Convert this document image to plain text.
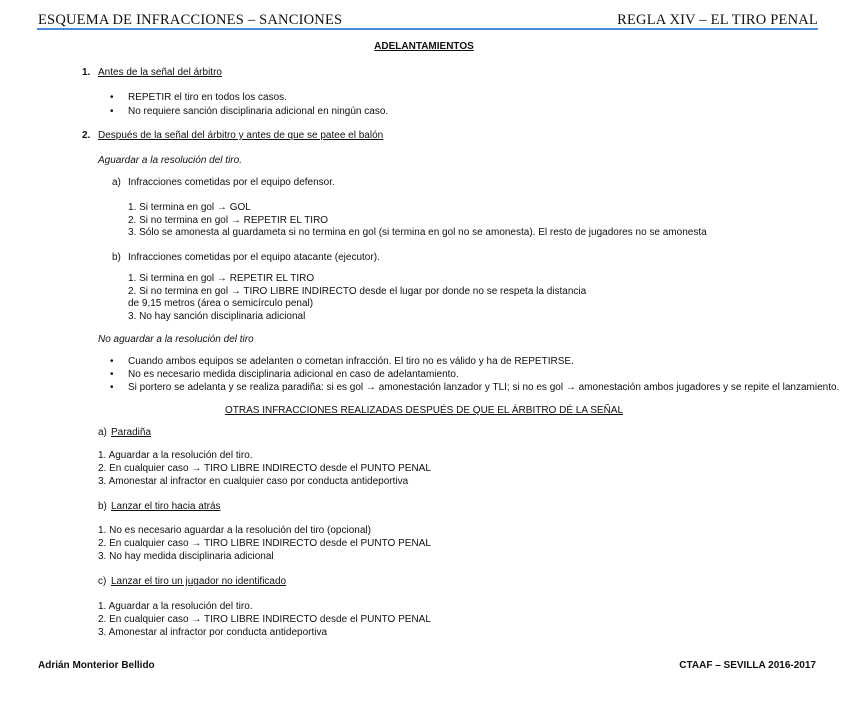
ESQUEMA DE INFRACCIONES – SANCIONES	REGLA XIV – EL TIRO PENAL
ADELANTAMIENTOS
1. Antes de la señal del árbitro
• REPETIR el tiro en todos los casos.
• No requiere sanción disciplinaria adicional en ningún caso.
2. Después de la señal del árbitro y antes de que se patee el balón
Aguardar a la resolución del tiro.
a) Infracciones cometidas por el equipo defensor.
1. Si termina en gol → GOL
2. Si no termina en gol → REPETIR EL TIRO
3. Sólo se amonesta al guardameta si no termina en gol (si termina en gol no se amonesta). El resto de jugadores no se amonesta
b) Infracciones cometidas por el equipo atacante (ejecutor).
1. Si termina en gol → REPETIR EL TIRO
2. Si no termina en gol → TIRO LIBRE INDIRECTO desde el lugar por donde no se respeta la distancia
de 9,15 metros (área o semicírculo penal)
3. No hay sanción disciplinaria adicional
No aguardar a la resolución del tiro
• Cuando ambos equipos se adelanten o cometan infracción. El tiro no es válido y ha de REPETIRSE.
• No es necesario medida disciplinaria adicional en caso de adelantamiento.
• Si portero se adelanta y se realiza paradiña: si es gol → amonestación lanzador y TLI; si no es gol → amonestación ambos jugadores y se repite el lanzamiento.
OTRAS INFRACCIONES REALIZADAS DESPUÉS DE QUE EL ÁRBITRO DÉ LA SEÑAL
a) Paradiña
1. Aguardar a la resolución del tiro.
2. En cualquier caso → TIRO LIBRE INDIRECTO desde el PUNTO PENAL
3. Amonestar al infractor en cualquier caso por conducta antideportiva
b) Lanzar el tiro hacia atrás
1. No es necesario aguardar a la resolución del tiro (opcional)
2. En cualquier caso → TIRO LIBRE INDIRECTO desde el PUNTO PENAL
3. No hay medida disciplinaria adicional
c) Lanzar el tiro un jugador no identificado
1. Aguardar a la resolución del tiro.
2. En cualquier caso → TIRO LIBRE INDIRECTO desde el PUNTO PENAL
3. Amonestar al infractor por conducta antideportiva
Adrián Monterior Bellido	CTAAF – SEVILLA 2016-2017
